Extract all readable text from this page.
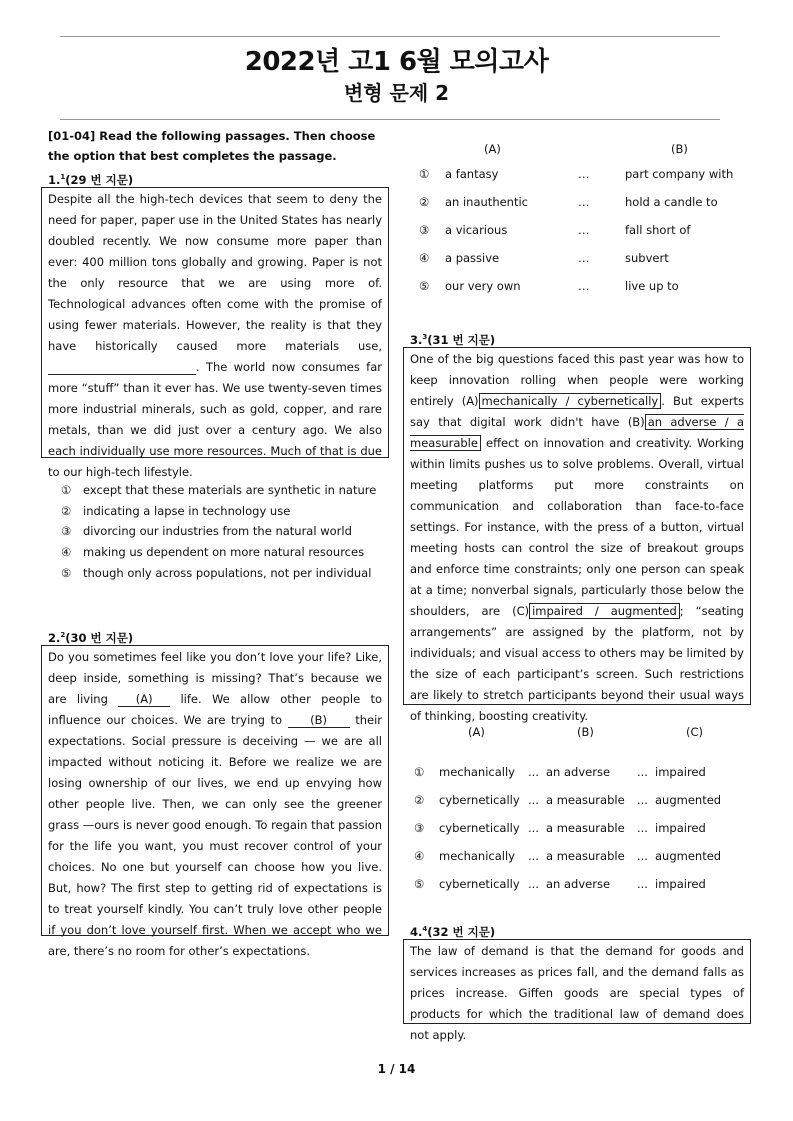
2022년 고1 6월 모의고사
변형 문제 2
[01-04] Read the following passages. Then choose the option that best completes the passage.
1.$^1$(29 번 지문)
Despite all the high-tech devices that seem to deny the need for paper, paper use in the United States has nearly doubled recently. We now consume more paper than ever: 400 million tons globally and growing. Paper is not the only resource that we are using more of. Technological advances often come with the promise of using fewer materials. However, the reality is that they have historically caused more materials use,  . The world now consumes far more “stuff” than it ever has. We use twenty-seven times more industrial minerals, such as gold, copper, and rare metals, than we did just over a century ago. We also each individually use more resources. Much of that is due to our high-tech lifestyle.
① except that these materials are synthetic in nature
② indicating a lapse in technology use
③ divorcing our industries from the natural world
④ making us dependent on more natural resources
⑤ though only across populations, not per individual
2.$^2$(30 번 지문)
Do you sometimes feel like you don’t love your life? Like, deep inside, something is missing? That’s because we are living (A) life. We allow other people to influence our choices. We are trying to (B) their expectations. Social pressure is deceiving — we are all impacted without noticing it. Before we realize we are losing ownership of our lives, we end up envying how other people live. Then, we can only see the greener grass —ours is never good enough. To regain that passion for the life you want, you must recover control of your choices. No one but yourself can choose how you live. But, how? The first step to getting rid of expectations is to treat yourself kindly. You can’t truly love other people if you don’t love yourself first. When we accept who we are, there’s no room for other’s expectations.
(A)	(B)
① a fantasy	…	part company with
② an inauthentic	…	hold a candle to
③ a vicarious	…	fall short of
④ a passive	…	subvert
⑤ our very own	…	live up to
3.$^3$(31 번 지문)
One of the big questions faced this past year was how to keep innovation rolling when people were working entirely (A) mechanically / cybernetically . But experts say that digital work didn't have (B) an adverse / a measurable effect on innovation and creativity. Working within limits pushes us to solve problems. Overall, virtual meeting platforms put more constraints on communication and collaboration than face-to-face settings. For instance, with the press of a button, virtual meeting hosts can control the size of breakout groups and enforce time constraints; only one person can speak at a time; nonverbal signals, particularly those below the shoulders, are (C) impaired / augmented ; “seating arrangements” are assigned by the platform, not by individuals; and visual access to others may be limited by the size of each participant’s screen. Such restrictions are likely to stretch participants beyond their usual ways of thinking, boosting creativity.
(A)	(B)	(C)
① mechanically ... an adverse ... impaired
② cybernetically ... a measurable ... augmented
③ cybernetically ... a measurable ... impaired
④ mechanically ... a measurable ... augmented
⑤ cybernetically ... an adverse ... impaired
4.$^4$(32 번 지문)
The law of demand is that the demand for goods and services increases as prices fall, and the demand falls as prices increase. Giffen goods are special types of products for which the traditional law of demand does not apply.
1 / 14
